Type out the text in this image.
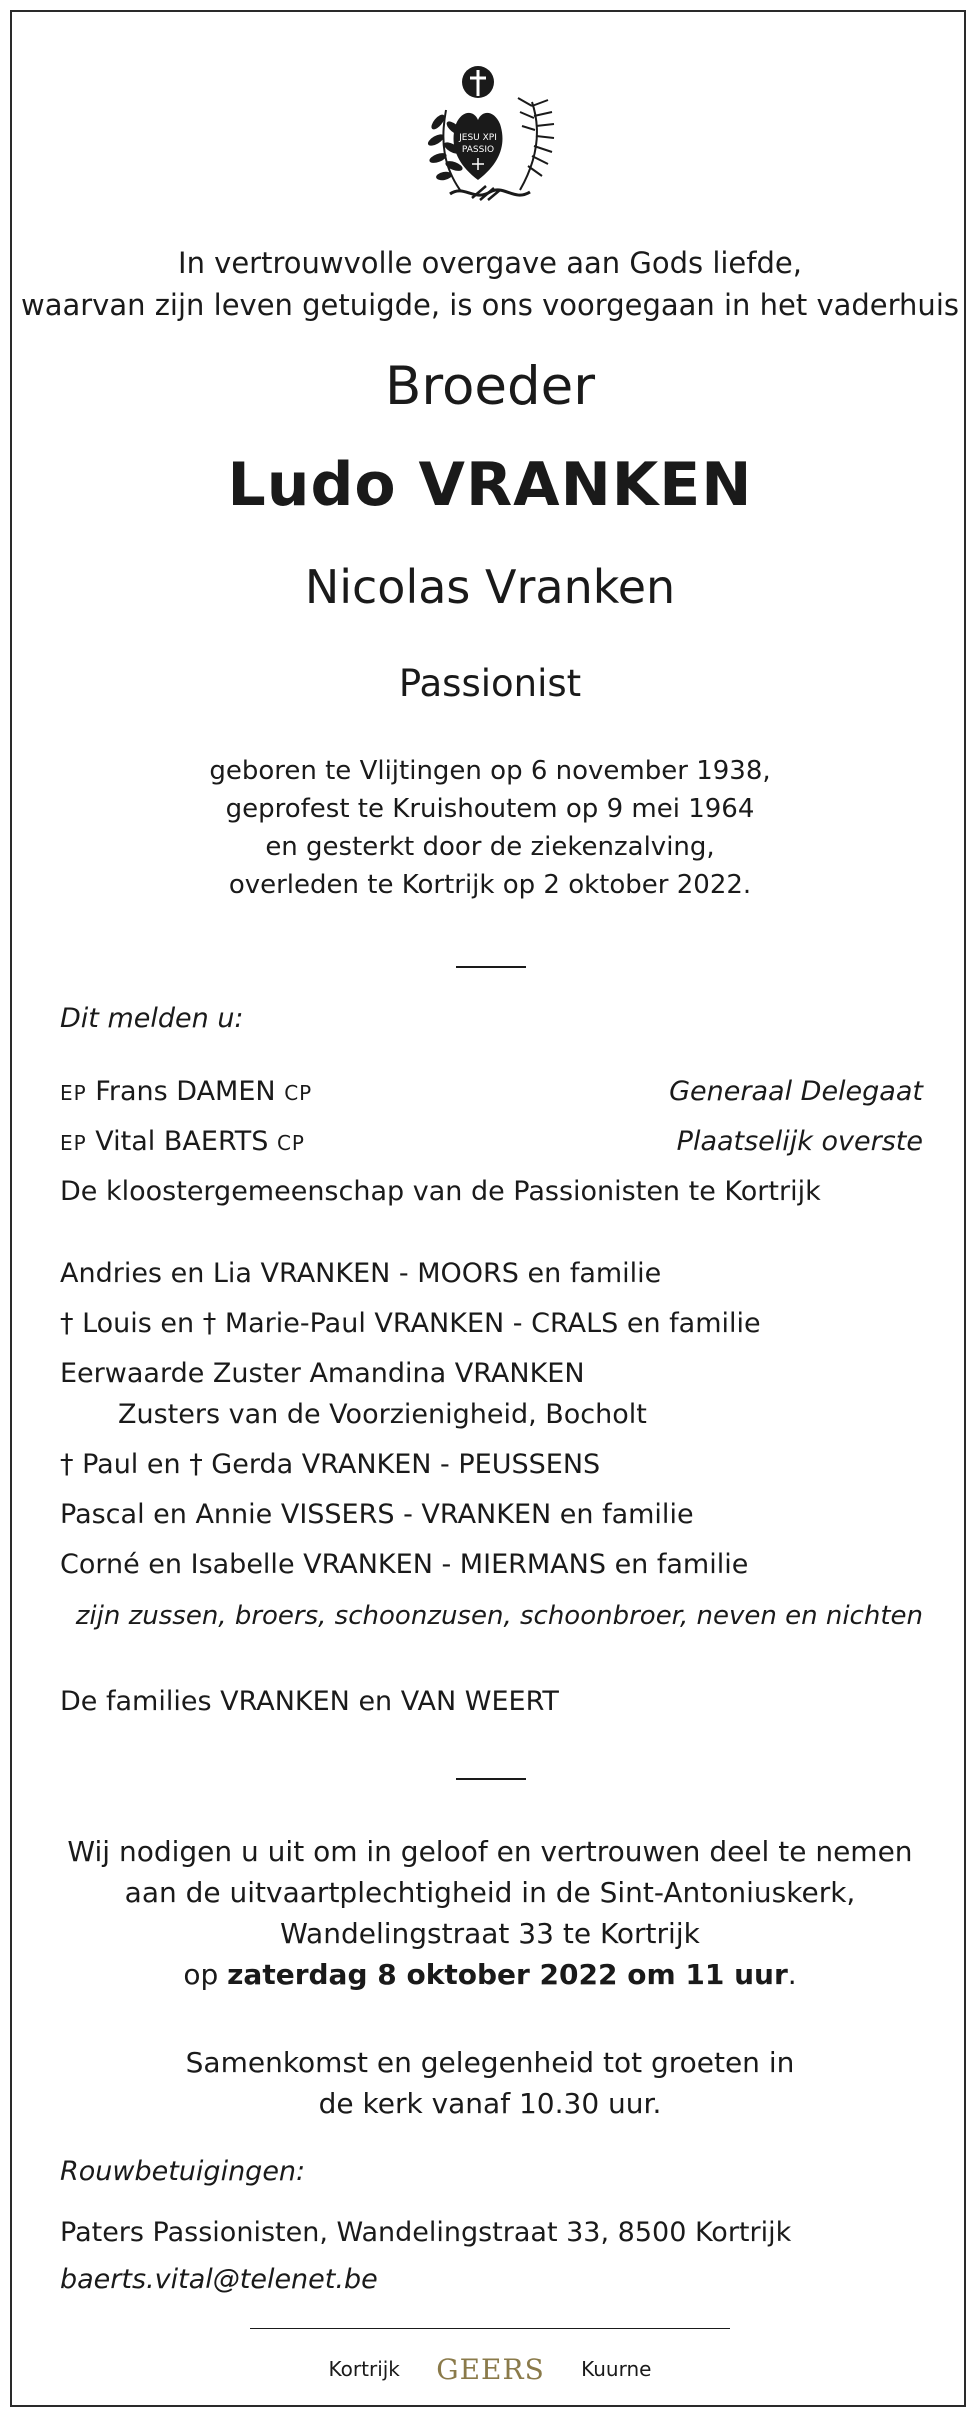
JESU XPI
PASSIO
In vertrouwvolle overgave aan Gods liefde,
waarvan zijn leven getuigde, is ons voorgegaan in het vaderhuis
Broeder
Ludo VRANKEN
Nicolas Vranken
Passionist
geboren te Vlijtingen op 6 november 1938,
geprofest te Kruishoutem op 9 mei 1964
en gesterkt door de ziekenzalving,
overleden te Kortrijk op 2 oktober 2022.
Dit melden u:
EP Frans DAMEN CP	Generaal Delegaat
EP Vital BAERTS CP	Plaatselijk overste
De kloostergemeenschap van de Passionisten te Kortrijk
Andries en Lia VRANKEN - MOORS en familie
† Louis en † Marie-Paul VRANKEN - CRALS en familie
Eerwaarde Zuster Amandina VRANKEN
Zusters van de Voorzienigheid, Bocholt
† Paul en † Gerda VRANKEN - PEUSSENS
Pascal en Annie VISSERS - VRANKEN en familie
Corné en Isabelle VRANKEN - MIERMANS en familie
zijn zussen, broers, schoonzusen, schoonbroer, neven en nichten
De families VRANKEN en VAN WEERT
Wij nodigen u uit om in geloof en vertrouwen deel te nemen
aan de uitvaartplechtigheid in de Sint-Antoniuskerk,
Wandelingstraat 33 te Kortrijk
op zaterdag 8 oktober 2022 om 11 uur.
Samenkomst en gelegenheid tot groeten in
de kerk vanaf 10.30 uur.
Rouwbetuigingen:
Paters Passionisten, Wandelingstraat 33, 8500 Kortrijk
baerts.vital@telenet.be
Kortrijk GEERS Kuurne
